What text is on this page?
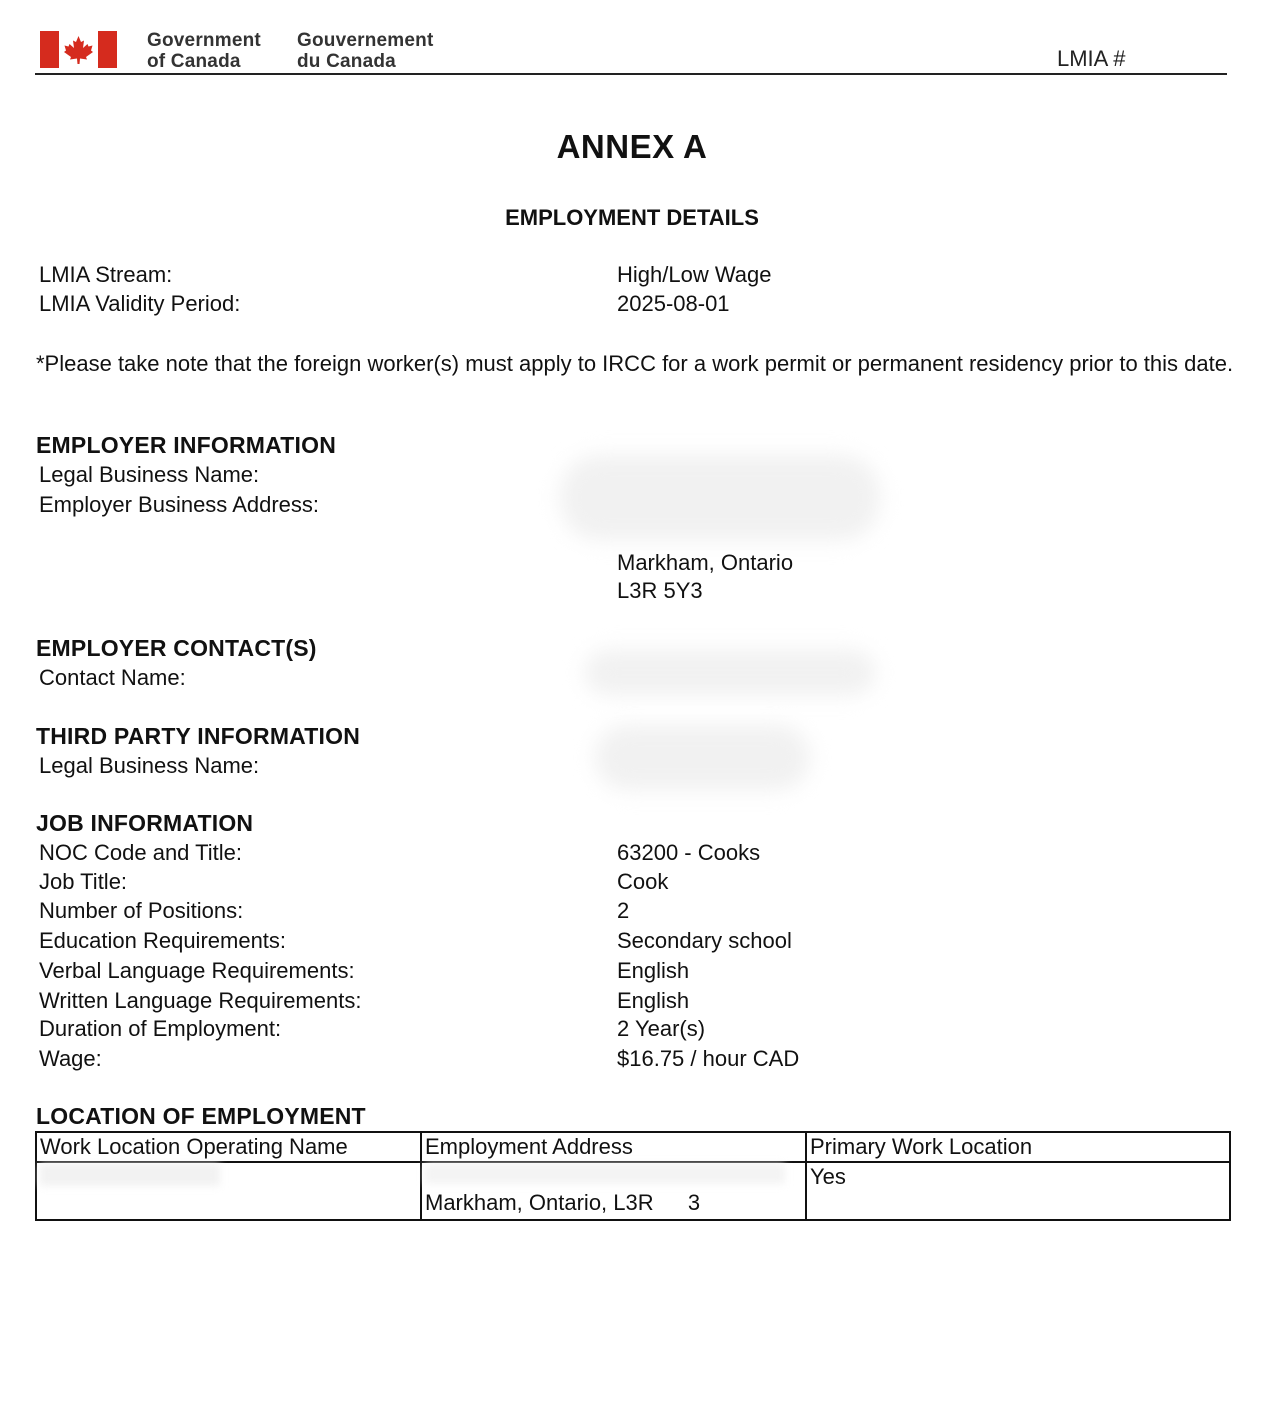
Government
of Canada
Gouvernement
du Canada	LMIA #
ANNEX A
EMPLOYMENT DETAILS
LMIA Stream:	High/Low Wage
LMIA Validity Period:	2025-08-01
*Please take note that the foreign worker(s) must apply to IRCC for a work permit or permanent residency prior to this date.
EMPLOYER INFORMATION
Legal Business Name:
Employer Business Address:
Markham, Ontario
L3R 5Y3
EMPLOYER CONTACT(S)
Contact Name:
THIRD PARTY INFORMATION
Legal Business Name:
JOB INFORMATION
NOC Code and Title:	63200 - Cooks
Job Title:	Cook
Number of Positions:	2
Education Requirements:	Secondary school
Verbal Language Requirements:	English
Written Language Requirements:	English
Duration of Employment:	2 Year(s)
Wage:	$16.75 / hour CAD
LOCATION OF EMPLOYMENT
Work Location Operating Name	Employment Address	Primary Work Location

	Markham, Ontario, L3R 3	Yes
